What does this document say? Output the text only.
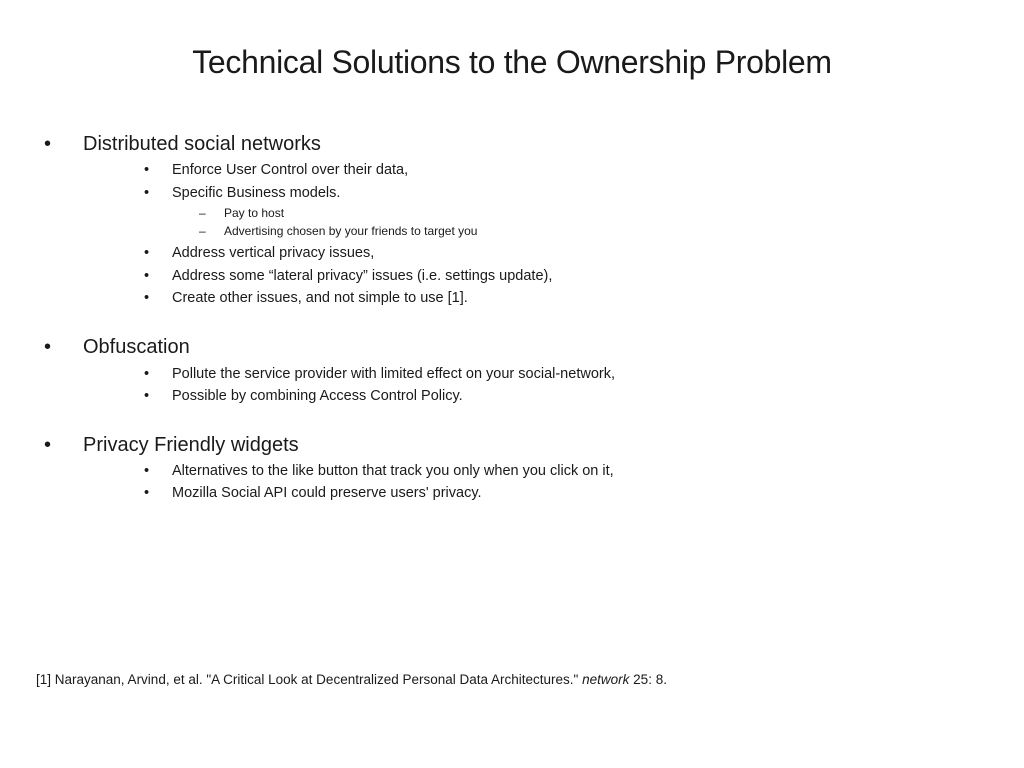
Technical Solutions to the Ownership Problem
• Distributed social networks
• Enforce User Control over their data,
• Specific Business models.
– Pay to host
– Advertising chosen by your friends to target you
• Address vertical privacy issues,
• Address some “lateral privacy” issues (i.e. settings update),
• Create other issues, and not simple to use [1].
• Obfuscation
• Pollute the service provider with limited effect on your social-network,
• Possible by combining Access Control Policy.
• Privacy Friendly widgets
• Alternatives to the like button that track you only when you click on it,
• Mozilla Social API could preserve users' privacy.
[1] Narayanan, Arvind, et al. "A Critical Look at Decentralized Personal Data Architectures." network 25: 8.
